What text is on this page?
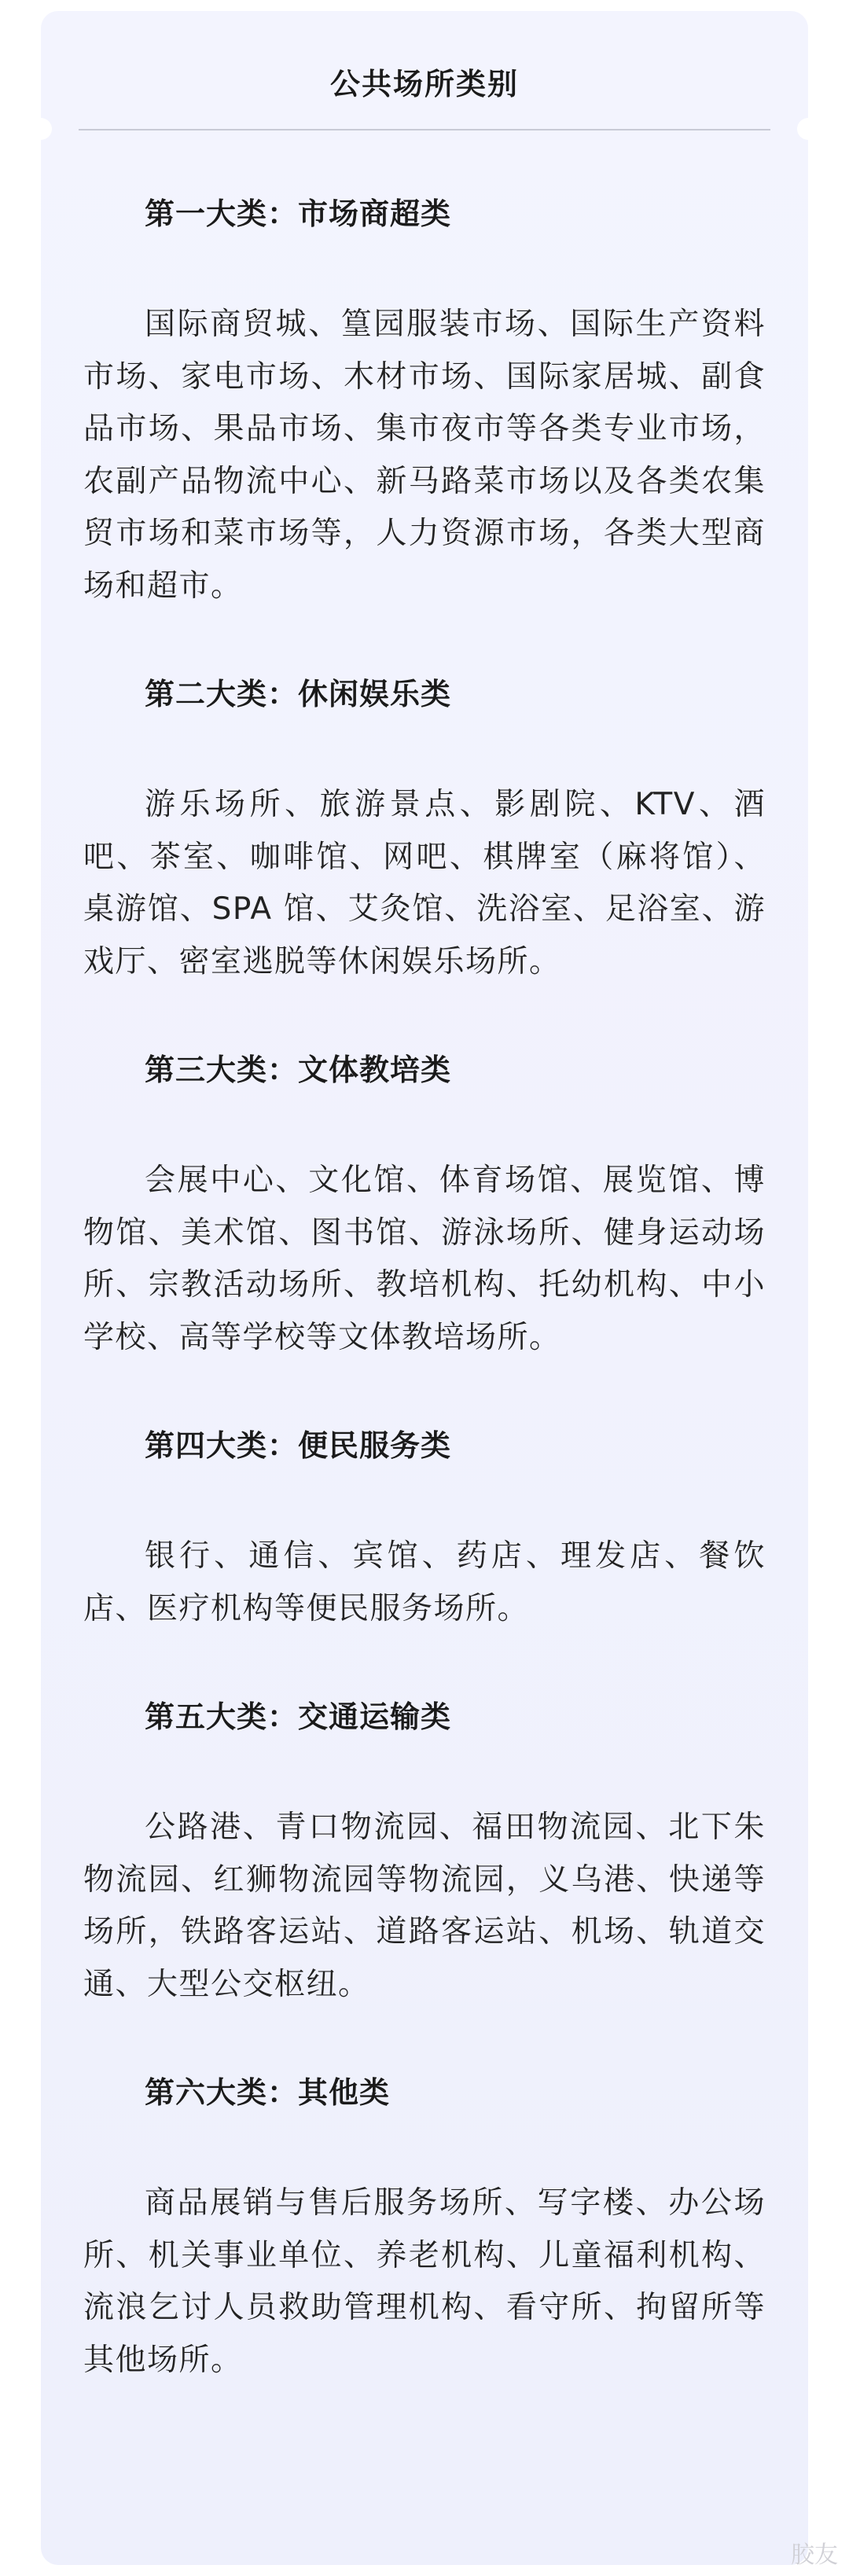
公共场所类别
第一大类：市场商超类

国际商贸城、篁园服装市场、国际生产资料市场、家电市场、木材市场、国际家居城、副食品市场、果品市场、集市夜市等各类专业市场，农副产品物流中心、新马路菜市场以及各类农集贸市场和菜市场等，人力资源市场，各类大型商场和超市。

第二大类：休闲娱乐类

游乐场所、旅游景点、影剧院、KTV、酒吧、茶室、咖啡馆、网吧、棋牌室（麻将馆）、桌游馆、SPA 馆、艾灸馆、洗浴室、足浴室、游戏厅、密室逃脱等休闲娱乐场所。

第三大类：文体教培类

会展中心、文化馆、体育场馆、展览馆、博物馆、美术馆、图书馆、游泳场所、健身运动场所、宗教活动场所、教培机构、托幼机构、中小学校、高等学校等文体教培场所。

第四大类：便民服务类

银行、通信、宾馆、药店、理发店、餐饮店、医疗机构等便民服务场所。

第五大类：交通运输类

公路港、青口物流园、福田物流园、北下朱物流园、红狮物流园等物流园，义乌港、快递等场所，铁路客运站、道路客运站、机场、轨道交通、大型公交枢纽。

第六大类：其他类

商品展销与售后服务场所、写字楼、办公场所、机关事业单位、养老机构、儿童福利机构、流浪乞讨人员救助管理机构、看守所、拘留所等其他场所。

胶友
